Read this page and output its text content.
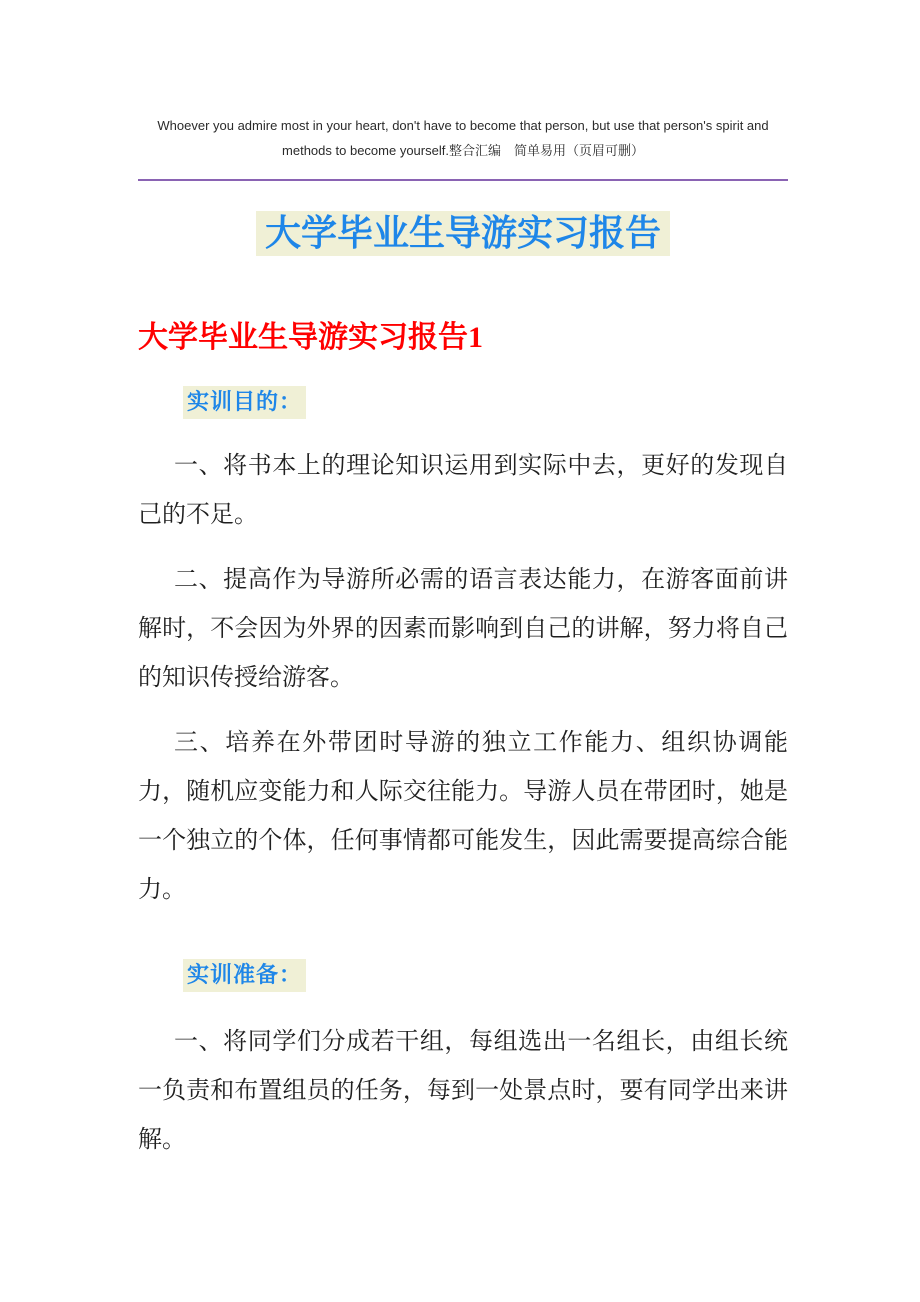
Whoever you admire most in your heart, don't have to become that person, but use that person's spirit and methods to become yourself.整合汇编　简单易用（页眉可删）

大学毕业生导游实习报告
大学毕业生导游实习报告1
实训目的：

一、将书本上的理论知识运用到实际中去，更好的发现自己的不足。

二、提高作为导游所必需的语言表达能力，在游客面前讲解时，不会因为外界的因素而影响到自己的讲解，努力将自己的知识传授给游客。

三、培养在外带团时导游的独立工作能力、组织协调能力，随机应变能力和人际交往能力。导游人员在带团时，她是一个独立的个体，任何事情都可能发生，因此需要提高综合能力。

实训准备：

一、将同学们分成若干组，每组选出一名组长，由组长统一负责和布置组员的任务，每到一处景点时，要有同学出来讲解。
